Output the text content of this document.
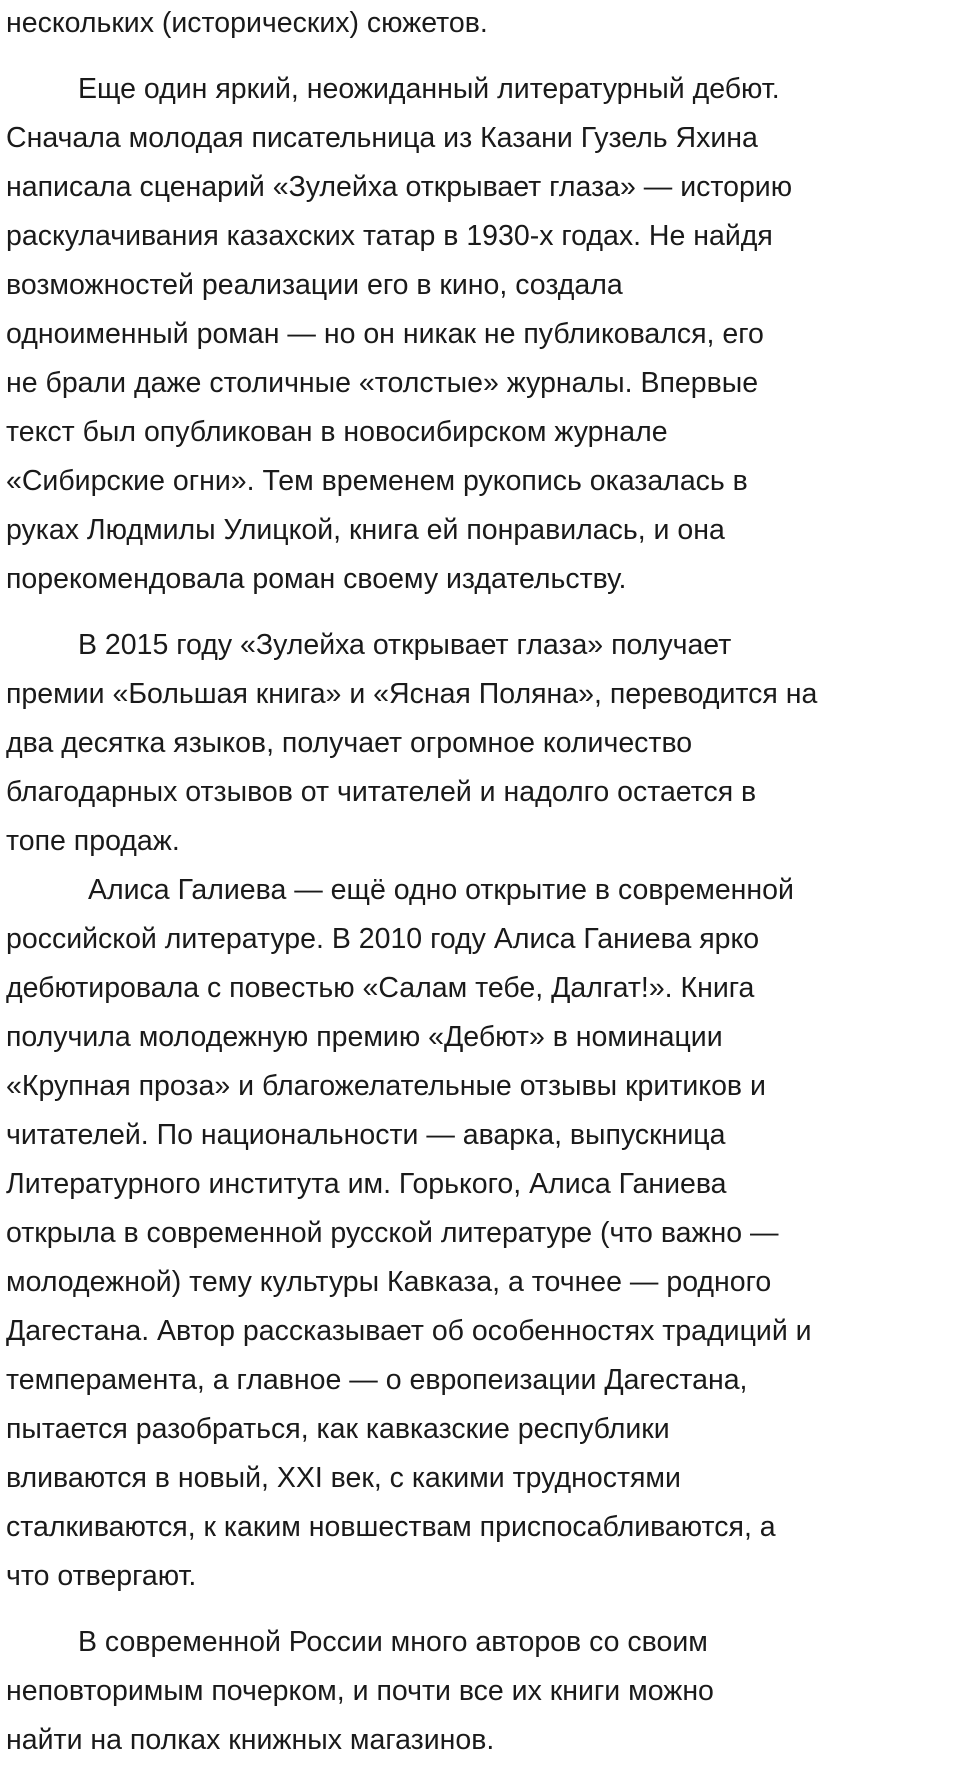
нескольких (исторических) сюжетов.

Еще один яркий, неожиданный литературный дебют.
Сначала молодая писательница из Казани Гузель Яхина
написала сценарий «Зулейха открывает глаза» — историю
раскулачивания казахских татар в 1930-х годах. Не найдя
возможностей реализации его в кино, создала
одноименный роман — но он никак не публиковался, его
не брали даже столичные «толстые» журналы. Впервые
текст был опубликован в новосибирском журнале
«Сибирские огни». Тем временем рукопись оказалась в
руках Людмилы Улицкой, книга ей понравилась, и она
порекомендовала роман своему издательству.

В 2015 году «Зулейха открывает глаза» получает
премии «Большая книга» и «Ясная Поляна», переводится на
два десятка языков, получает огромное количество
благодарных отзывов от читателей и надолго остается в
топе продаж.

Алиса Галиева — ещё одно открытие в современной
российской литературе. В 2010 году Алиса Ганиева ярко
дебютировала с повестью «Салам тебе, Далгат!». Книга
получила молодежную премию «Дебют» в номинации
«Крупная проза» и благожелательные отзывы критиков и
читателей. По национальности — аварка, выпускница
Литературного института им. Горького, Алиса Ганиева
открыла в современной русской литературе (что важно —
молодежной) тему культуры Кавказа, а точнее — родного
Дагестана. Автор рассказывает об особенностях традиций и
темперамента, а главное — о европеизации Дагестана,
пытается разобраться, как кавказские республики
вливаются в новый, XXI век, с какими трудностями
сталкиваются, к каким новшествам приспосабливаются, а
что отвергают.

В современной России много авторов со своим
неповторимым почерком, и почти все их книги можно
найти на полках книжных магазинов.
